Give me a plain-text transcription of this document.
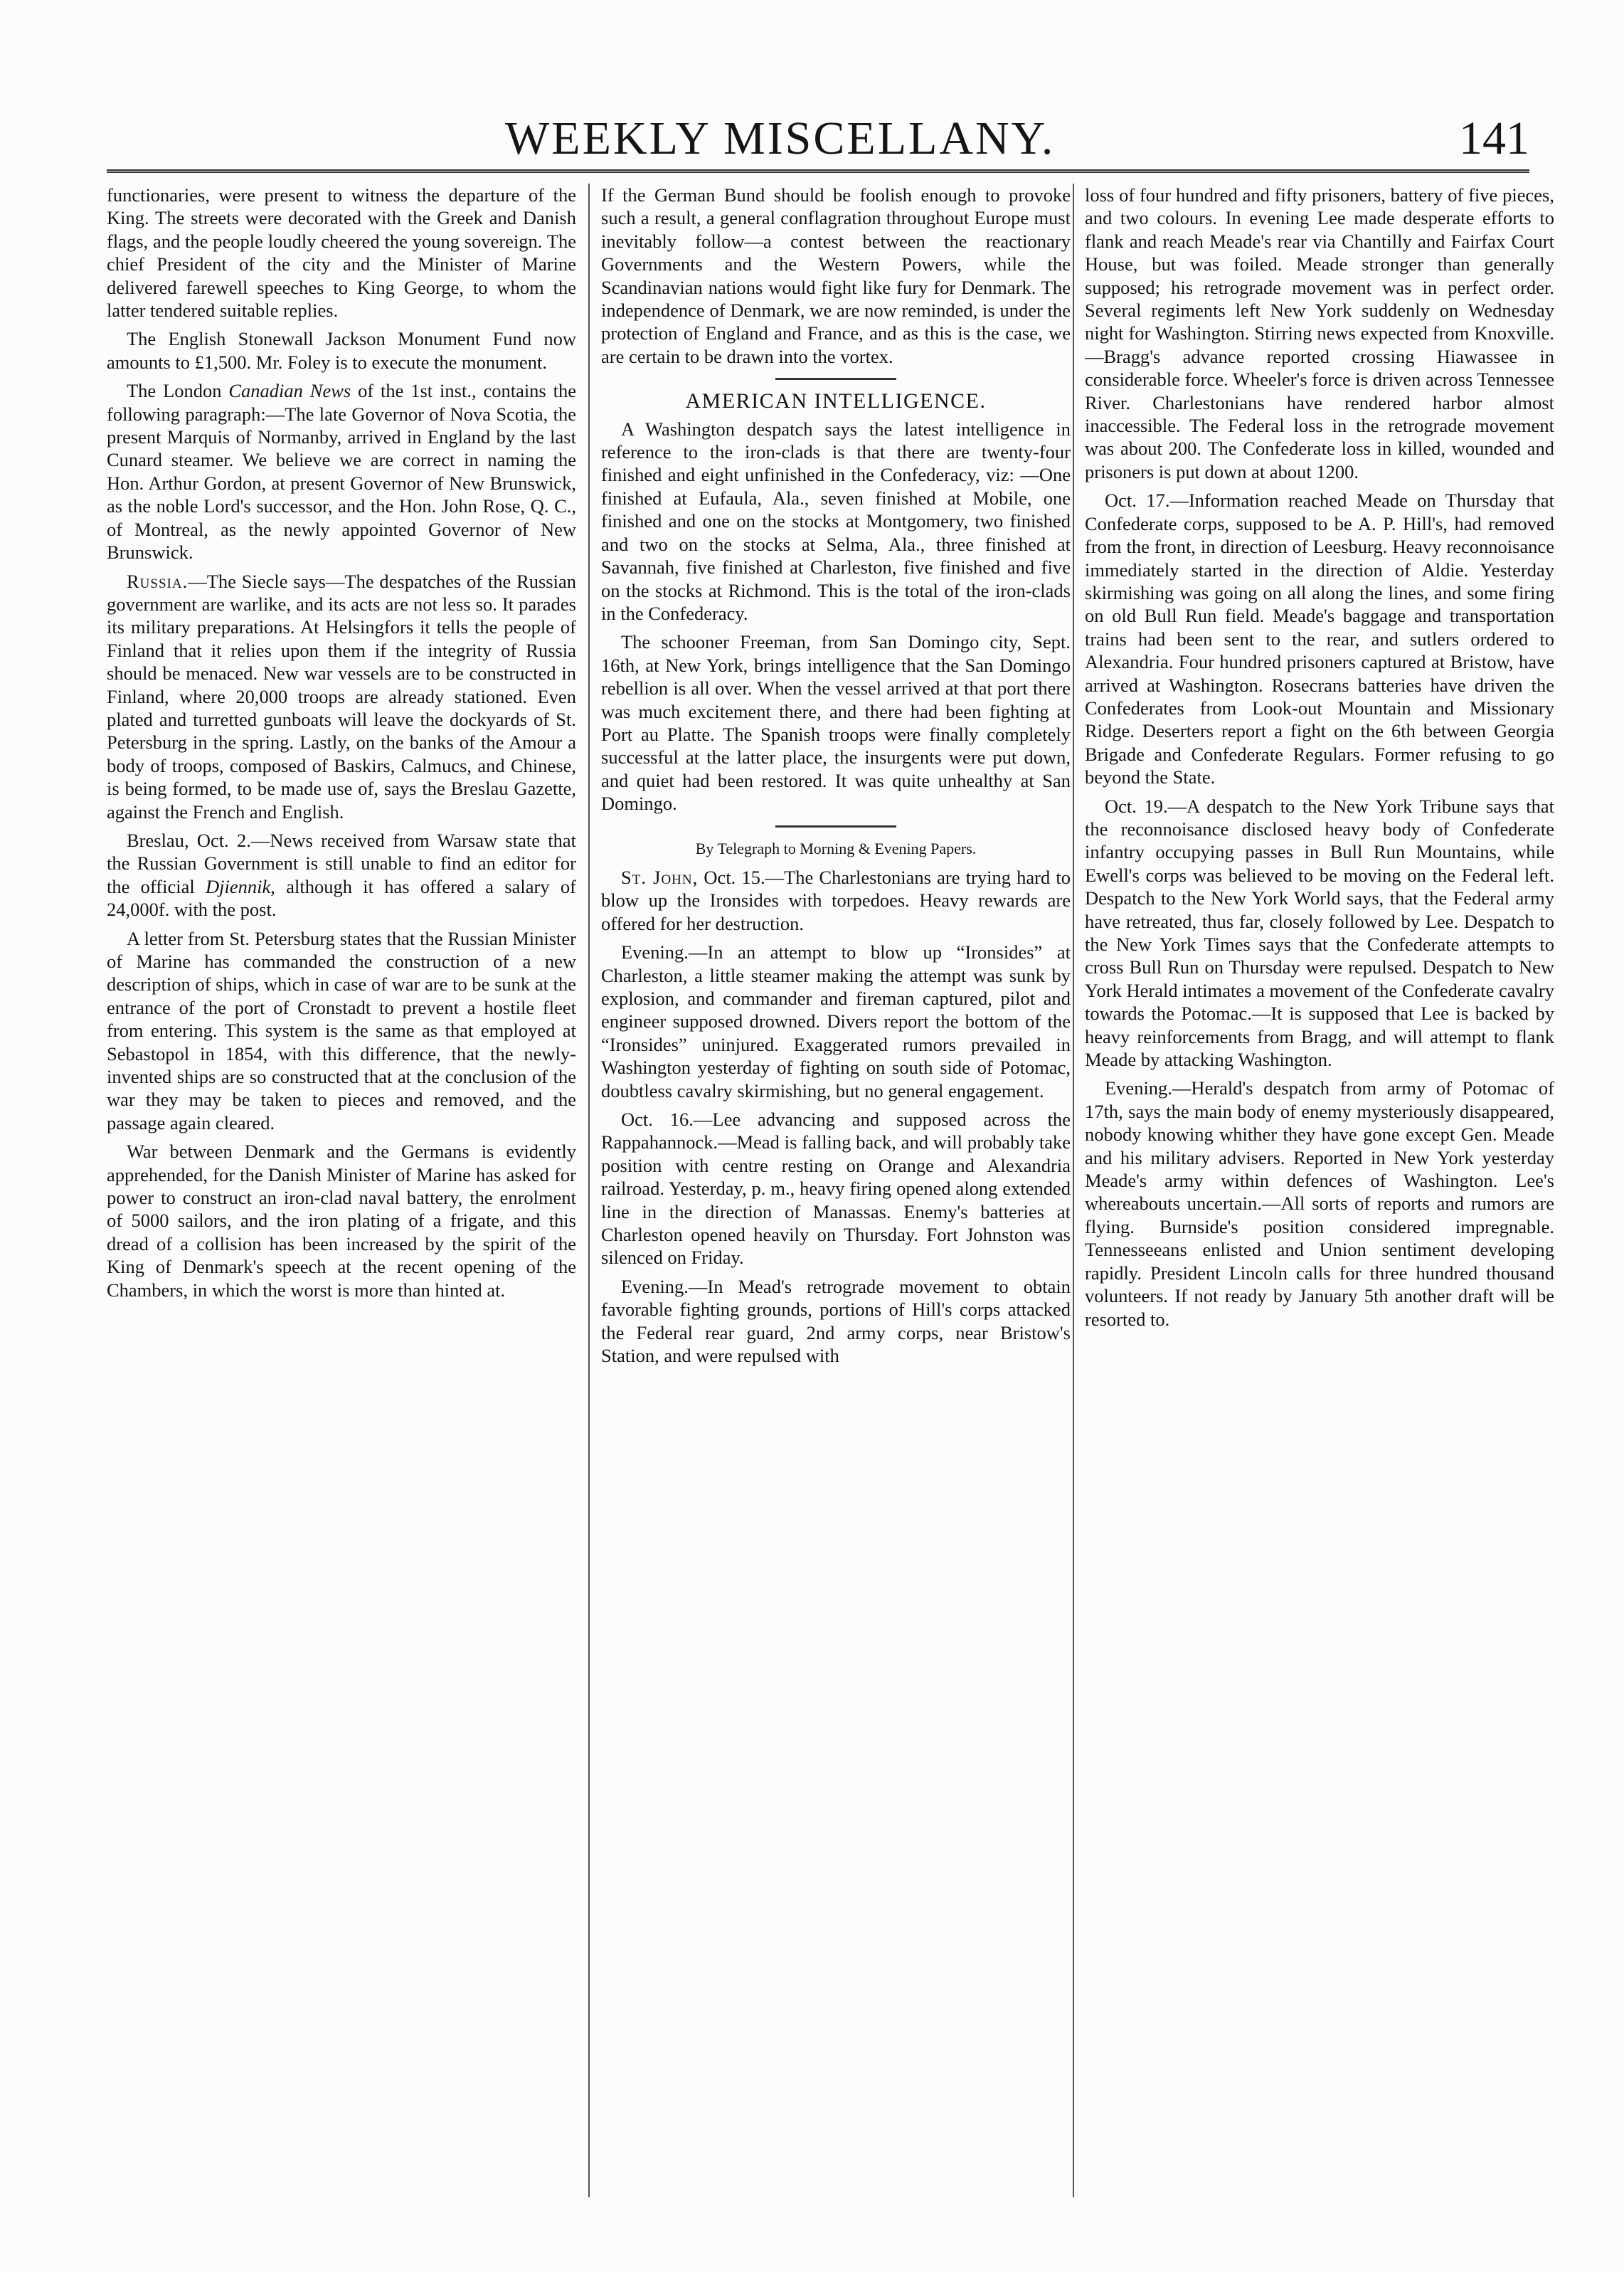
WEEKLY MISCELLANY.	141

functionaries, were present to witness the departure of the King. The streets were decorated with the Greek and Danish flags, and the people loudly cheered the young sovereign. The chief President of the city and the Minister of Marine delivered farewell speeches to King George, to whom the latter tendered suitable replies.

The English Stonewall Jackson Monument Fund now amounts to £1,500. Mr. Foley is to execute the monument.

The London Canadian News of the 1st inst., contains the following paragraph:—The late Governor of Nova Scotia, the present Marquis of Normanby, arrived in England by the last Cunard steamer. We believe we are correct in naming the Hon. Arthur Gordon, at present Governor of New Brunswick, as the noble Lord's successor, and the Hon. John Rose, Q. C., of Montreal, as the newly appointed Governor of New Brunswick.

Russia.—The Siecle says—The despatches of the Russian government are warlike, and its acts are not less so. It parades its military preparations. At Helsingfors it tells the people of Finland that it relies upon them if the integrity of Russia should be menaced. New war vessels are to be constructed in Finland, where 20,000 troops are already stationed. Even plated and turretted gunboats will leave the dockyards of St. Petersburg in the spring. Lastly, on the banks of the Amour a body of troops, composed of Baskirs, Calmucs, and Chinese, is being formed, to be made use of, says the Breslau Gazette, against the French and English.

Breslau, Oct. 2.—News received from Warsaw state that the Russian Government is still unable to find an editor for the official Djiennik, although it has offered a salary of 24,000f. with the post.

A letter from St. Petersburg states that the Russian Minister of Marine has commanded the construction of a new description of ships, which in case of war are to be sunk at the entrance of the port of Cronstadt to prevent a hostile fleet from entering. This system is the same as that employed at Sebastopol in 1854, with this difference, that the newly-invented ships are so constructed that at the conclusion of the war they may be taken to pieces and removed, and the passage again cleared.

War between Denmark and the Germans is evidently apprehended, for the Danish Minister of Marine has asked for power to construct an iron-clad naval battery, the enrolment of 5000 sailors, and the iron plating of a frigate, and this dread of a collision has been increased by the spirit of the King of Denmark's speech at the recent opening of the Chambers, in which the worst is more than hinted at.

If the German Bund should be foolish enough to provoke such a result, a general conflagration throughout Europe must inevitably follow—a contest between the reactionary Governments and the Western Powers, while the Scandinavian nations would fight like fury for Denmark. The independence of Denmark, we are now reminded, is under the protection of England and France, and as this is the case, we are certain to be drawn into the vortex.

AMERICAN INTELLIGENCE.

A Washington despatch says the latest intelligence in reference to the iron-clads is that there are twenty-four finished and eight unfinished in the Confederacy, viz: —One finished at Eufaula, Ala., seven finished at Mobile, one finished and one on the stocks at Montgomery, two finished and two on the stocks at Selma, Ala., three finished at Savannah, five finished at Charleston, five finished and five on the stocks at Richmond. This is the total of the iron-clads in the Confederacy.

The schooner Freeman, from San Domingo city, Sept. 16th, at New York, brings intelligence that the San Domingo rebellion is all over. When the vessel arrived at that port there was much excitement there, and there had been fighting at Port au Platte. The Spanish troops were finally completely successful at the latter place, the insurgents were put down, and quiet had been restored. It was quite unhealthy at San Domingo.

By Telegraph to Morning & Evening Papers.

St. John, Oct. 15.—The Charlestonians are trying hard to blow up the Ironsides with torpedoes. Heavy rewards are offered for her destruction.

Evening.—In an attempt to blow up “Ironsides” at Charleston, a little steamer making the attempt was sunk by explosion, and commander and fireman captured, pilot and engineer supposed drowned. Divers report the bottom of the “Ironsides” uninjured. Exaggerated rumors prevailed in Washington yesterday of fighting on south side of Potomac, doubtless cavalry skirmishing, but no general engagement.

Oct. 16.—Lee advancing and supposed across the Rappahannock.—Mead is falling back, and will probably take position with centre resting on Orange and Alexandria railroad. Yesterday, p. m., heavy firing opened along extended line in the direction of Manassas. Enemy's batteries at Charleston opened heavily on Thursday. Fort Johnston was silenced on Friday.

Evening.—In Mead's retrograde movement to obtain favorable fighting grounds, portions of Hill's corps attacked the Federal rear guard, 2nd army corps, near Bristow's Station, and were repulsed with

loss of four hundred and fifty prisoners, battery of five pieces, and two colours. In evening Lee made desperate efforts to flank and reach Meade's rear via Chantilly and Fairfax Court House, but was foiled. Meade stronger than generally supposed; his retrograde movement was in perfect order. Several regiments left New York suddenly on Wednesday night for Washington. Stirring news expected from Knoxville.—Bragg's advance reported crossing Hiawassee in considerable force. Wheeler's force is driven across Tennessee River. Charlestonians have rendered harbor almost inaccessible. The Federal loss in the retrograde movement was about 200. The Confederate loss in killed, wounded and prisoners is put down at about 1200.

Oct. 17.—Information reached Meade on Thursday that Confederate corps, supposed to be A. P. Hill's, had removed from the front, in direction of Leesburg. Heavy reconnoisance immediately started in the direction of Aldie. Yesterday skirmishing was going on all along the lines, and some firing on old Bull Run field. Meade's baggage and transportation trains had been sent to the rear, and sutlers ordered to Alexandria. Four hundred prisoners captured at Bristow, have arrived at Washington. Rosecrans batteries have driven the Confederates from Look-out Mountain and Missionary Ridge. Deserters report a fight on the 6th between Georgia Brigade and Confederate Regulars. Former refusing to go beyond the State.

Oct. 19.—A despatch to the New York Tribune says that the reconnoisance disclosed heavy body of Confederate infantry occupying passes in Bull Run Mountains, while Ewell's corps was believed to be moving on the Federal left. Despatch to the New York World says, that the Federal army have retreated, thus far, closely followed by Lee. Despatch to the New York Times says that the Confederate attempts to cross Bull Run on Thursday were repulsed. Despatch to New York Herald intimates a movement of the Confederate cavalry towards the Potomac.—It is supposed that Lee is backed by heavy reinforcements from Bragg, and will attempt to flank Meade by attacking Washington.

Evening.—Herald's despatch from army of Potomac of 17th, says the main body of enemy mysteriously disappeared, nobody knowing whither they have gone except Gen. Meade and his military advisers. Reported in New York yesterday Meade's army within defences of Washington. Lee's whereabouts uncertain.—All sorts of reports and rumors are flying. Burnside's position considered impregnable. Tennesseeans enlisted and Union sentiment developing rapidly. President Lincoln calls for three hundred thousand volunteers. If not ready by January 5th another draft will be resorted to.
